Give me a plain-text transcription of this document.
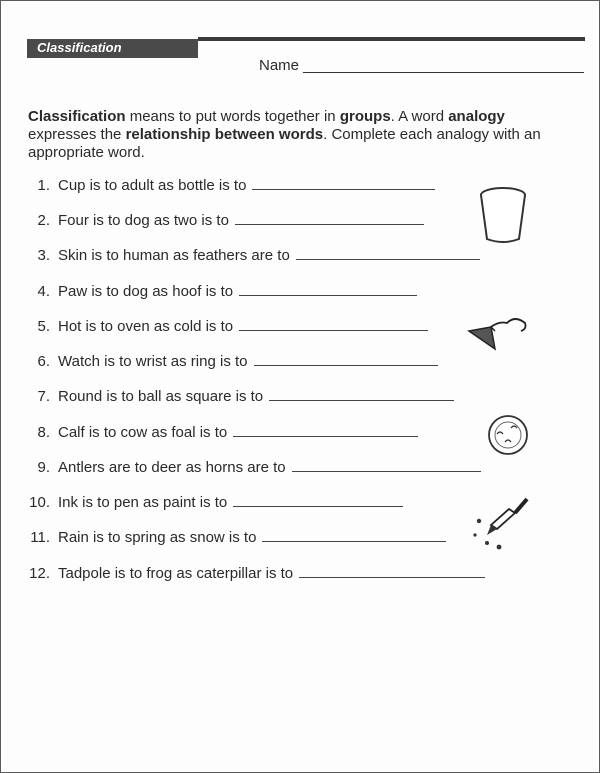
Classification
Name
Classification means to put words together in groups. A word analogy expresses the relationship between words. Complete each analogy with an appropriate word.
1. Cup is to adult as bottle is to
2. Four is to dog as two is to
3. Skin is to human as feathers are to
4. Paw is to dog as hoof is to
5. Hot is to oven as cold is to
6. Watch is to wrist as ring is to
7. Round is to ball as square is to
8. Calf is to cow as foal is to
9. Antlers are to deer as horns are to
10. Ink is to pen as paint is to
11. Rain is to spring as snow is to
12. Tadpole is to frog as caterpillar is to
